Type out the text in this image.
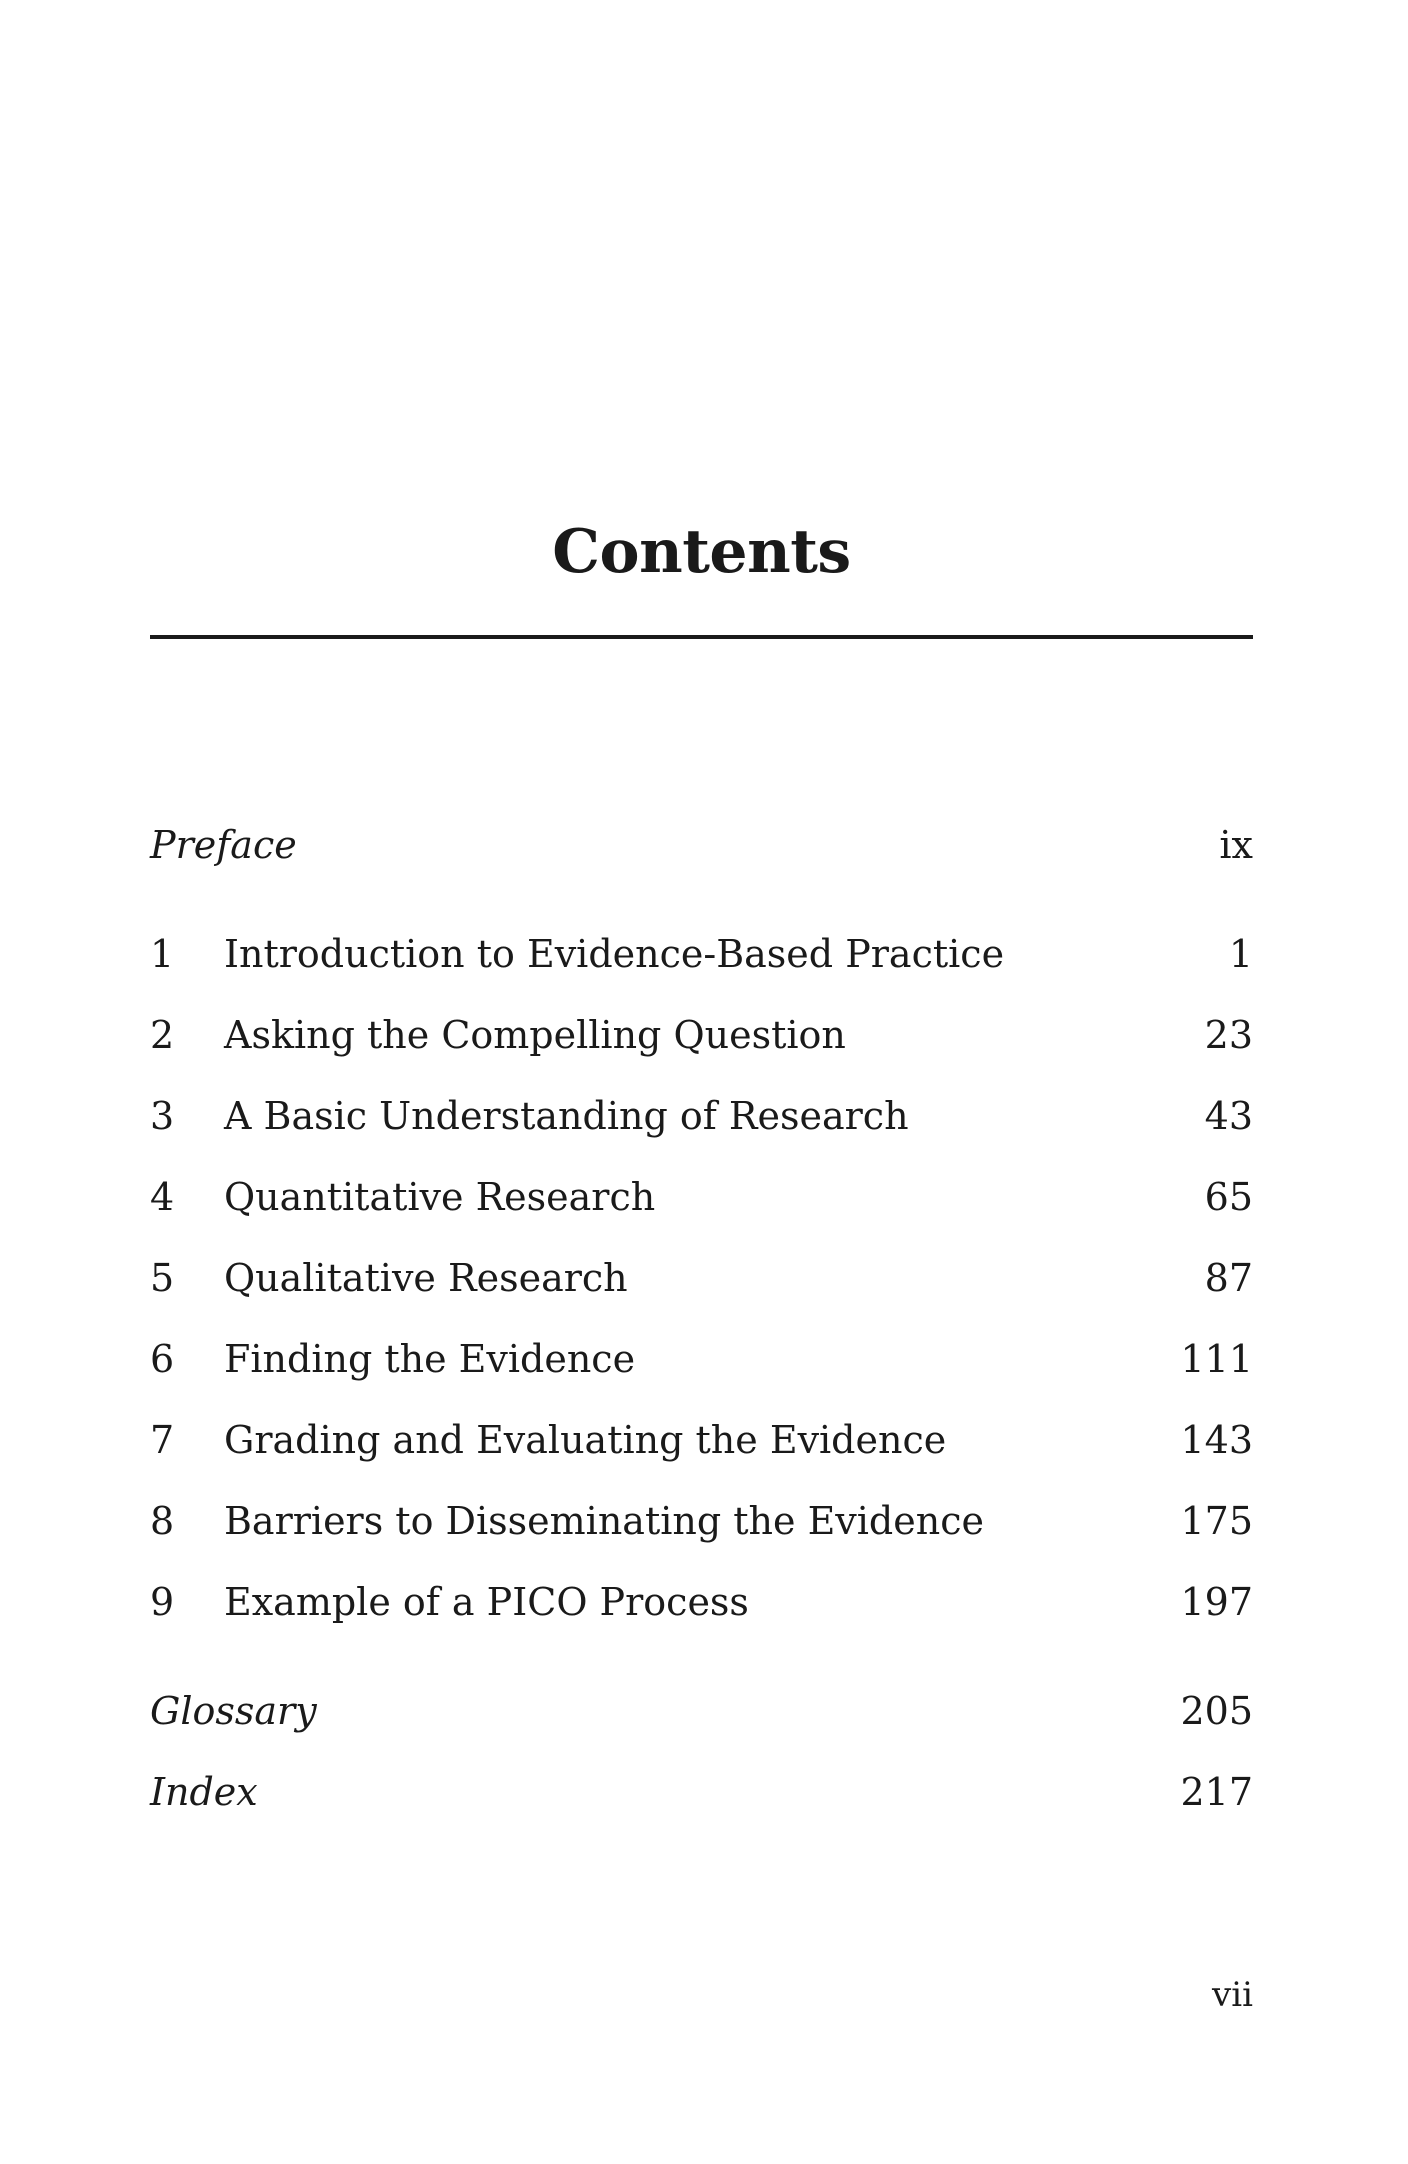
Contents
Preface	ix
1	Introduction to Evidence-Based Practice	1
2	Asking the Compelling Question	23
3	A Basic Understanding of Research	43
4	Quantitative Research	65
5	Qualitative Research	87
6	Finding the Evidence	111
7	Grading and Evaluating the Evidence	143
8	Barriers to Disseminating the Evidence	175
9	Example of a PICO Process	197
Glossary	205
Index	217
vii
